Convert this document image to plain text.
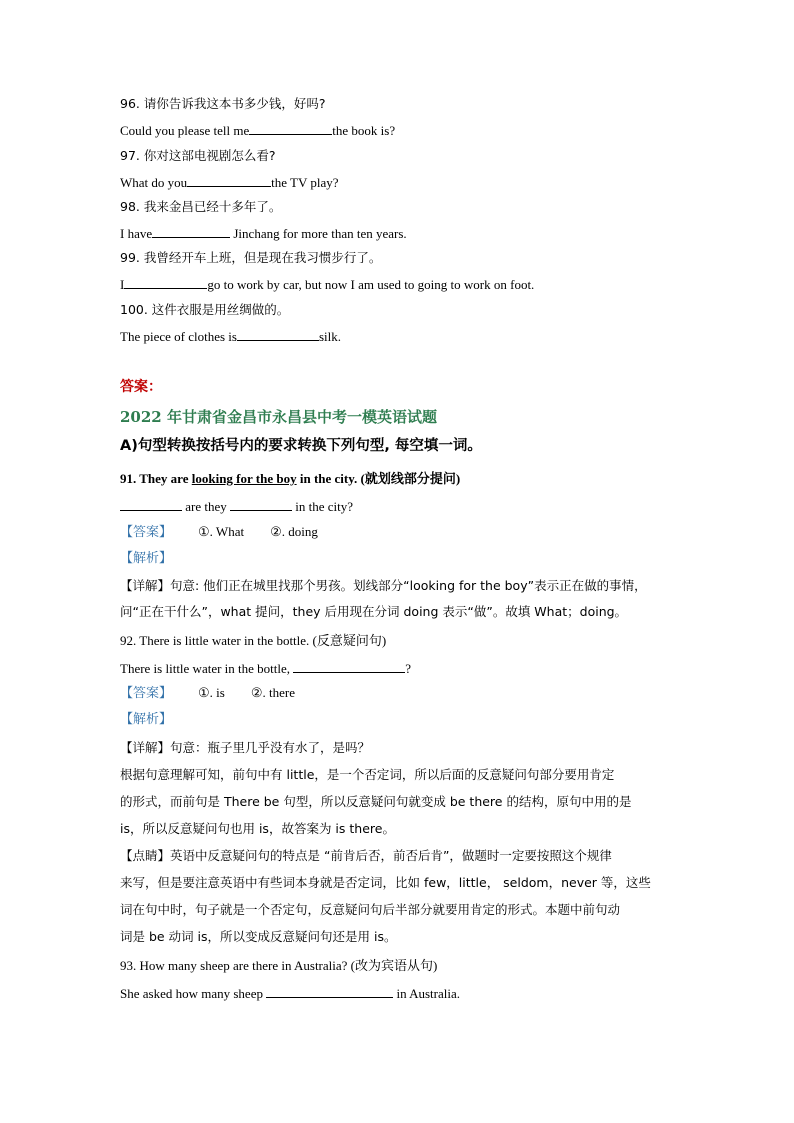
96. 请你告诉我这本书多少钱，好吗?
Could you please tell me	the book is?
97. 你对这部电视剧怎么看?
What do you	the TV play?
98. 我来金昌已经十多年了。
I have	Jinchang for more than ten years.
99. 我曾经开车上班，但是现在我习惯步行了。
I	go to work by car, but now I am used to going to work on foot.
100. 这件衣服是用丝绸做的。
The piece of clothes is	silk.
答案：
2022 年甘肃省金昌市永昌县中考一模英语试题
A)句型转换按括号内的要求转换下列句型, 每空填一词。
91. They are looking for the boy in the city. (就划线部分提问)
are they	in the city?
【答案】 ①. What ②. doing
【解析】
【详解】句意: 他们正在城里找那个男孩。划线部分“looking for the boy”表示正在做的事情，
问“正在干什么”，what 提问，they 后用现在分词 doing 表示“做”。故填 What；doing。
92. There is little water in the bottle. (反意疑问句)
There is little water in the bottle,	?
【答案】 ①. is ②. there
【解析】
【详解】句意：瓶子里几乎没有水了，是吗？
根据句意理解可知，前句中有 little，是一个否定词，所以后面的反意疑问句部分要用肯定
的形式，而前句是 There be 句型，所以反意疑问句就变成 be there 的结构，原句中用的是
is，所以反意疑问句也用 is，故答案为 is there。
【点睛】英语中反意疑问句的特点是 “前肯后否，前否后肯”，做题时一定要按照这个规律
来写，但是要注意英语中有些词本身就是否定词，比如 few，little， seldom，never 等，这些
词在句中时，句子就是一个否定句，反意疑问句后半部分就要用肯定的形式。本题中前句动
词是 be 动词 is，所以变成反意疑问句还是用 is。
93. How many sheep are there in Australia? (改为宾语从句)
She asked how many sheep	in Australia.
